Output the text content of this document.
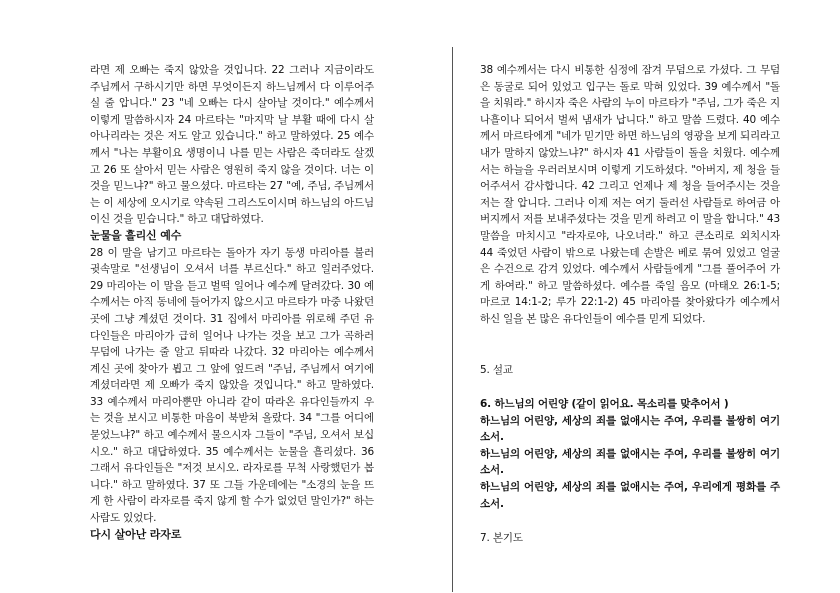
라면 제 오빠는 죽지 않았을 것입니다. 22 그러나 지금이라도 주님께서 구하시기만 하면 무엇이든지 하느님께서 다 이루어주실 줄 압니다." 23 "네 오빠는 다시 살아날 것이다." 예수께서 이렇게 말씀하시자 24 마르타는 "마지막 날 부활 때에 다시 살아나리라는 것은 저도 알고 있습니다." 하고 말하였다. 25 예수께서 "나는 부활이요 생명이니 나를 믿는 사람은 죽더라도 살겠고 26 또 살아서 믿는 사람은 영원히 죽지 않을 것이다. 너는 이것을 믿느냐?" 하고 물으셨다. 마르타는 27 "예, 주님, 주님께서는 이 세상에 오시기로 약속된 그리스도이시며 하느님의 아드님이신 것을 믿습니다." 하고 대답하였다.

눈물을 흘리신 예수

28 이 말을 남기고 마르타는 돌아가 자기 동생 마리아를 불러 귓속말로 "선생님이 오셔서 너를 부르신다." 하고 일러주었다. 29 마리아는 이 말을 듣고 벌떡 일어나 예수께 달려갔다. 30 예수께서는 아직 동네에 들어가지 않으시고 마르타가 마중 나왔던 곳에 그냥 계셨던 것이다. 31 집에서 마리아를 위로해 주던 유다인들은 마리아가 급히 일어나 나가는 것을 보고 그가 곡하러 무덤에 나가는 줄 알고 뒤따라 나갔다. 32 마리아는 예수께서 계신 곳에 찾아가 뵙고 그 앞에 엎드려 "주님, 주님께서 여기에 계셨더라면 제 오빠가 죽지 않았을 것입니다." 하고 말하였다. 33 예수께서 마리아뿐만 아니라 같이 따라온 유다인들까지 우는 것을 보시고 비통한 마음이 북받쳐 올랐다. 34 "그를 어디에 묻었느냐?" 하고 예수께서 물으시자 그들이 "주님, 오셔서 보십시오." 하고 대답하였다. 35 예수께서는 눈물을 흘리셨다. 36 그래서 유다인들은 "저것 보시오. 라자로를 무척 사랑했던가 봅니다." 하고 말하였다. 37 또 그들 가운데에는 "소경의 눈을 뜨게 한 사람이 라자로를 죽지 않게 할 수가 없었던 말인가?" 하는 사람도 있었다.

다시 살아난 라자로

38 예수께서는 다시 비통한 심정에 잠겨 무덤으로 가셨다. 그 무덤은 동굴로 되어 있었고 입구는 돌로 막혀 있었다. 39 예수께서 "돌을 치워라." 하시자 죽은 사람의 누이 마르타가 "주님, 그가 죽은 지 나흘이나 되어서 벌써 냄새가 납니다." 하고 말씀 드렸다. 40 예수께서 마르타에게 "네가 믿기만 하면 하느님의 영광을 보게 되리라고 내가 말하지 않았느냐?" 하시자 41 사람들이 돌을 치웠다. 예수께서는 하늘을 우러러보시며 이렇게 기도하셨다. "아버지, 제 청을 들어주셔서 감사합니다. 42 그리고 언제나 제 청을 들어주시는 것을 저는 잘 압니다. 그러나 이제 저는 여기 둘러선 사람들로 하여금 아버지께서 저를 보내주셨다는 것을 믿게 하려고 이 말을 합니다." 43 말씀을 마치시고 "라자로야, 나오너라." 하고 큰소리로 외치시자 44 죽었던 사람이 밖으로 나왔는데 손발은 베로 묶여 있었고 얼굴은 수건으로 감겨 있었다. 예수께서 사람들에게 "그를 풀어주어 가게 하여라." 하고 말씀하셨다. 예수를 죽일 음모 (마태오 26:1-5; 마르코 14:1-2; 루가 22:1-2) 45 마리아를 찾아왔다가 예수께서 하신 일을 본 많은 유다인들이 예수를 믿게 되었다.

5. 설교

6. 하느님의 어린양 (같이 읽어요. 목소리를 맞추어서 )

하느님의 어린양, 세상의 죄를 없애시는 주여, 우리를 불쌍히 여기소서.

하느님의 어린양, 세상의 죄를 없애시는 주여, 우리를 불쌍히 여기소서.

하느님의 어린양, 세상의 죄를 없애시는 주여, 우리에게 평화를 주소서.

7. 본기도
